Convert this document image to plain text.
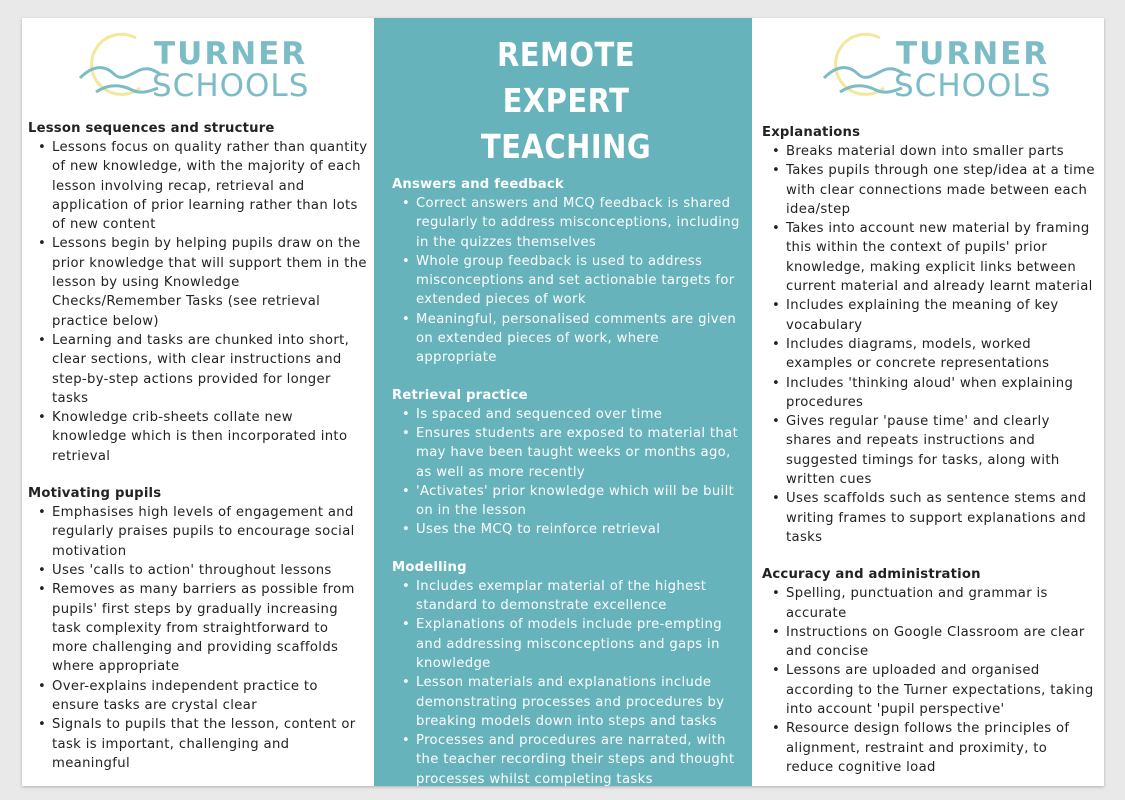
TURNER
SCHOOLS
Lesson sequences and structure
• Lessons focus on quality rather than quantity of new knowledge, with the majority of each lesson involving recap, retrieval and application of prior learning rather than lots of new content
• Lessons begin by helping pupils draw on the prior knowledge that will support them in the lesson by using Knowledge Checks/Remember Tasks (see retrieval practice below)
• Learning and tasks are chunked into short, clear sections, with clear instructions and step-by-step actions provided for longer tasks
• Knowledge crib-sheets collate new knowledge which is then incorporated into retrieval
Motivating pupils
• Emphasises high levels of engagement and regularly praises pupils to encourage social motivation
• Uses 'calls to action' throughout lessons
• Removes as many barriers as possible from pupils' first steps by gradually increasing task complexity from straightforward to more challenging and providing scaffolds where appropriate
• Over-explains independent practice to ensure tasks are crystal clear
• Signals to pupils that the lesson, content or task is important, challenging and meaningful
REMOTE EXPERT TEACHING
Answers and feedback
• Correct answers and MCQ feedback is shared regularly to address misconceptions, including in the quizzes themselves
• Whole group feedback is used to address misconceptions and set actionable targets for extended pieces of work
• Meaningful, personalised comments are given on extended pieces of work, where appropriate
Retrieval practice
• Is spaced and sequenced over time
• Ensures students are exposed to material that may have been taught weeks or months ago, as well as more recently
• 'Activates' prior knowledge which will be built on in the lesson
• Uses the MCQ to reinforce retrieval
Modelling
• Includes exemplar material of the highest standard to demonstrate excellence
• Explanations of models include pre-empting and addressing misconceptions and gaps in knowledge
• Lesson materials and explanations include demonstrating processes and procedures by breaking models down into steps and tasks
• Processes and procedures are narrated, with the teacher recording their steps and thought processes whilst completing tasks
TURNER
SCHOOLS
Explanations
• Breaks material down into smaller parts
• Takes pupils through one step/idea at a time with clear connections made between each idea/step
• Takes into account new material by framing this within the context of pupils' prior knowledge, making explicit links between current material and already learnt material
• Includes explaining the meaning of key vocabulary
• Includes diagrams, models, worked examples or concrete representations
• Includes 'thinking aloud' when explaining procedures
• Gives regular 'pause time' and clearly shares and repeats instructions and suggested timings for tasks, along with written cues
• Uses scaffolds such as sentence stems and writing frames to support explanations and tasks
Accuracy and administration
• Spelling, punctuation and grammar is accurate
• Instructions on Google Classroom are clear and concise
• Lessons are uploaded and organised according to the Turner expectations, taking into account 'pupil perspective'
• Resource design follows the principles of alignment, restraint and proximity, to reduce cognitive load
